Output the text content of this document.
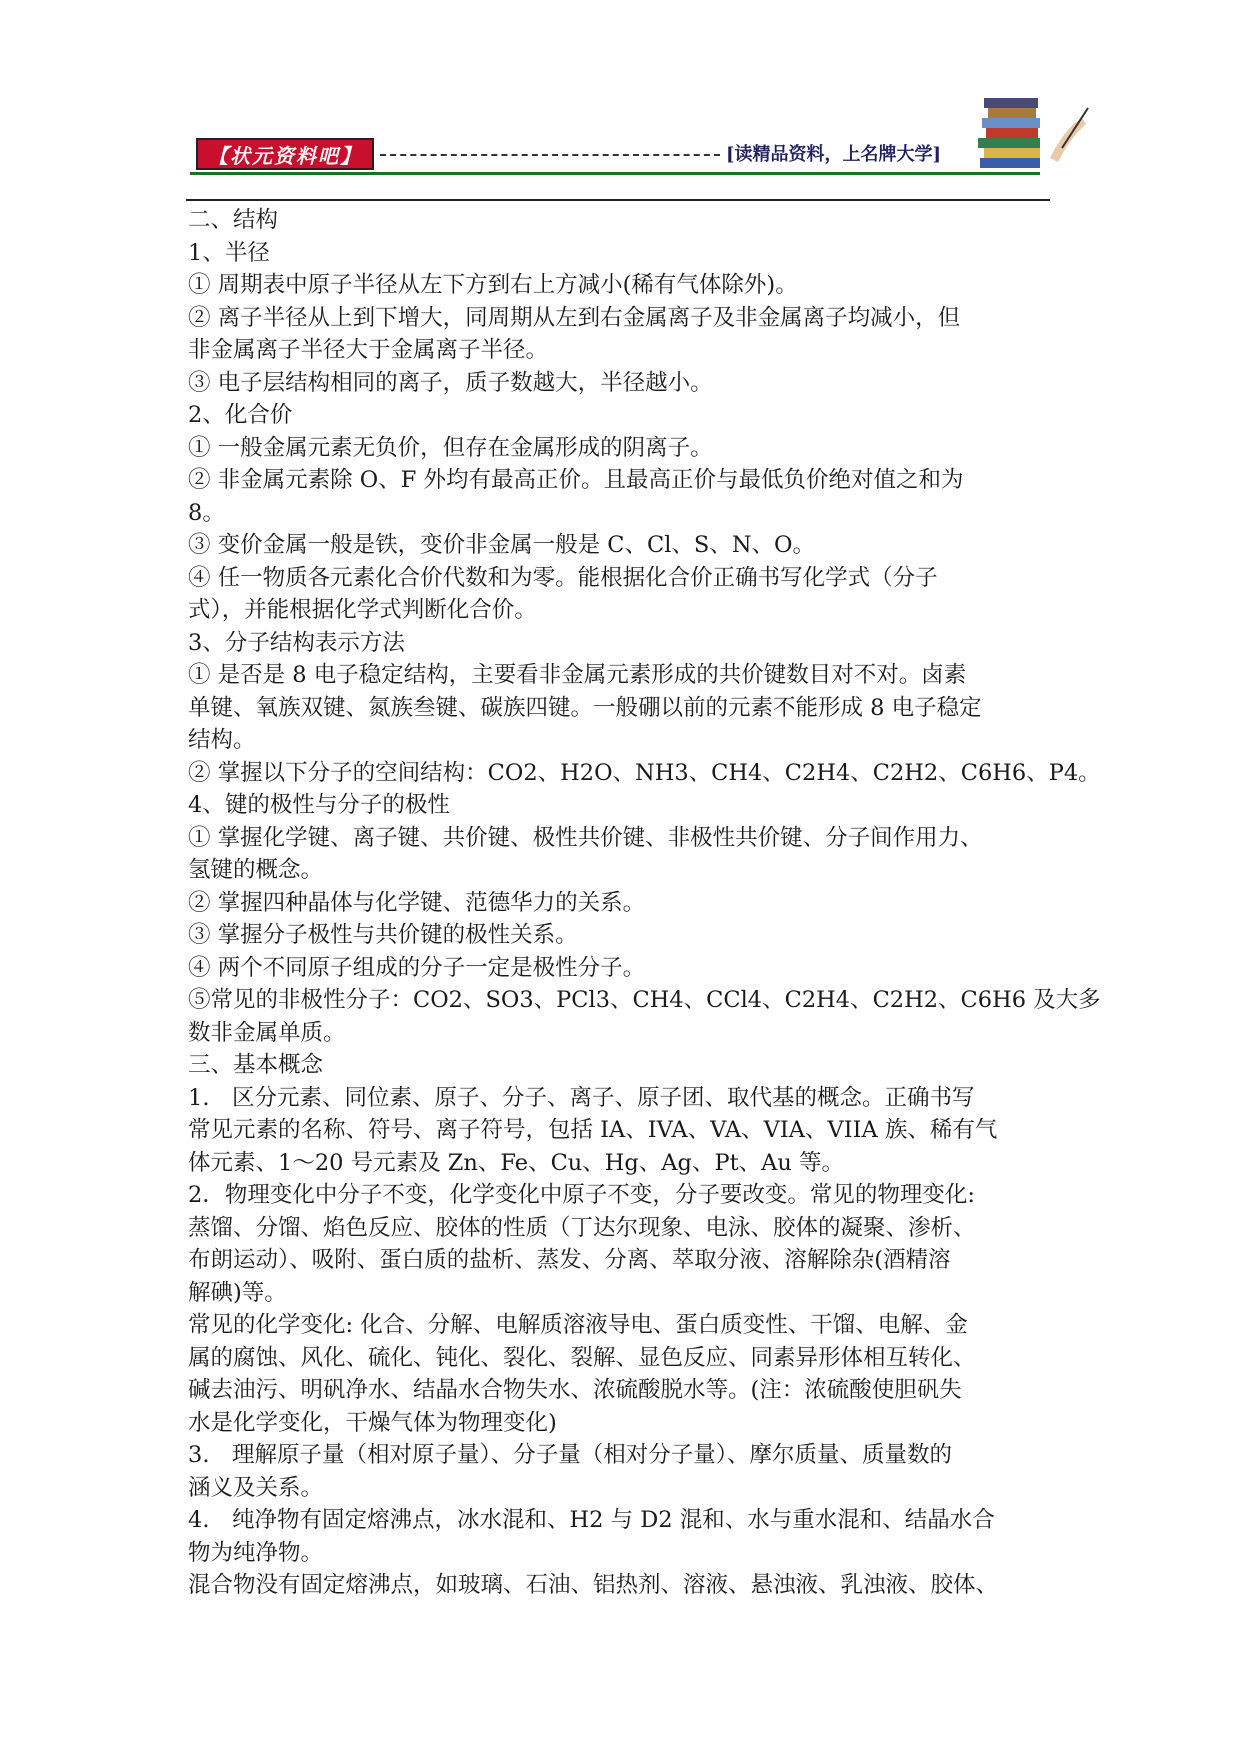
【状元资料吧】	[读精品资料，上名牌大学]
二、结构
1、半径
① 周期表中原子半径从左下方到右上方减小(稀有气体除外)。
② 离子半径从上到下增大，同周期从左到右金属离子及非金属离子均减小，但
非金属离子半径大于金属离子半径。
③ 电子层结构相同的离子，质子数越大，半径越小。
2、化合价
① 一般金属元素无负价，但存在金属形成的阴离子。
② 非金属元素除 O、F 外均有最高正价。且最高正价与最低负价绝对值之和为
8。
③ 变价金属一般是铁，变价非金属一般是 C、Cl、S、N、O。
④ 任一物质各元素化合价代数和为零。能根据化合价正确书写化学式（分子
式），并能根据化学式判断化合价。
3、分子结构表示方法
① 是否是 8 电子稳定结构，主要看非金属元素形成的共价键数目对不对。卤素
单键、氧族双键、氮族叁键、碳族四键。一般硼以前的元素不能形成 8 电子稳定
结构。
② 掌握以下分子的空间结构：CO2、H2O、NH3、CH4、C2H4、C2H2、C6H6、P4。
4、键的极性与分子的极性
① 掌握化学键、离子键、共价键、极性共价键、非极性共价键、分子间作用力、
氢键的概念。
② 掌握四种晶体与化学键、范德华力的关系。
③ 掌握分子极性与共价键的极性关系。
④ 两个不同原子组成的分子一定是极性分子。
⑤常见的非极性分子：CO2、SO3、PCl3、CH4、CCl4、C2H4、C2H2、C6H6 及大多
数非金属单质。
三、基本概念
1.　区分元素、同位素、原子、分子、离子、原子团、取代基的概念。正确书写
常见元素的名称、符号、离子符号，包括 IA、IVA、VA、VIA、VIIA 族、稀有气
体元素、1～20 号元素及 Zn、Fe、Cu、Hg、Ag、Pt、Au 等。
2．物理变化中分子不变，化学变化中原子不变，分子要改变。常见的物理变化:
蒸馏、分馏、焰色反应、胶体的性质（丁达尔现象、电泳、胶体的凝聚、渗析、
布朗运动）、吸附、蛋白质的盐析、蒸发、分离、萃取分液、溶解除杂(酒精溶
解碘)等。
常见的化学变化: 化合、分解、电解质溶液导电、蛋白质变性、干馏、电解、金
属的腐蚀、风化、硫化、钝化、裂化、裂解、显色反应、同素异形体相互转化、
碱去油污、明矾净水、结晶水合物失水、浓硫酸脱水等。(注：浓硫酸使胆矾失
水是化学变化，干燥气体为物理变化)
3.　理解原子量（相对原子量）、分子量（相对分子量）、摩尔质量、质量数的
涵义及关系。
4.　纯净物有固定熔沸点，冰水混和、H2 与 D2 混和、水与重水混和、结晶水合
物为纯净物。
混合物没有固定熔沸点，如玻璃、石油、铝热剂、溶液、悬浊液、乳浊液、胶体、
